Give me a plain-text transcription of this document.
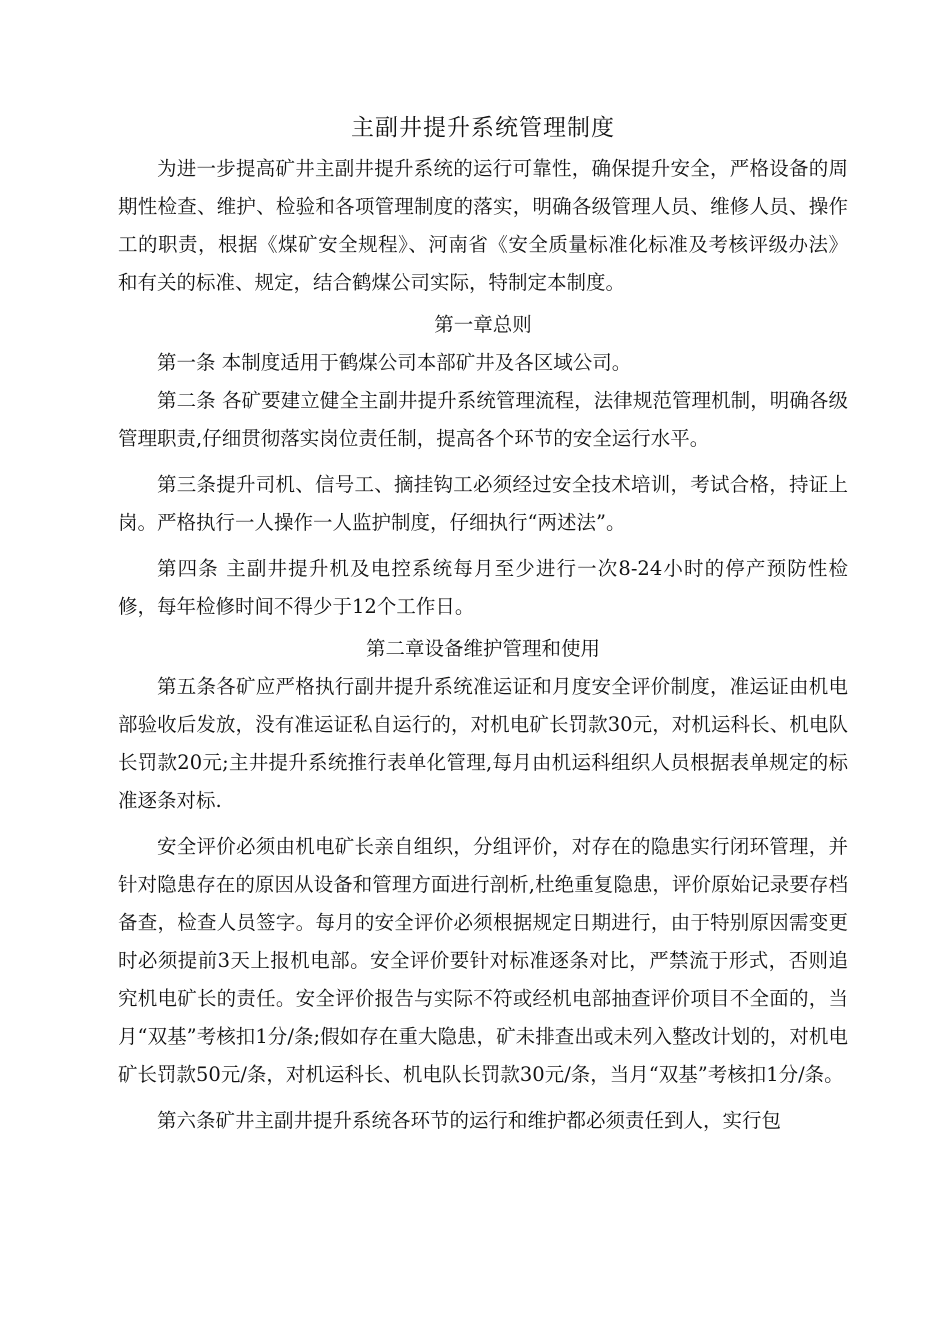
主副井提升系统管理制度

为进一步提高矿井主副井提升系统的运行可靠性，确保提升安全，严格设备的周期性检查、维护、检验和各项管理制度的落实，明确各级管理人员、维修人员、操作工的职责，根据《煤矿安全规程》、河南省《安全质量标准化标准及考核评级办法》和有关的标准、规定，结合鹤煤公司实际，特制定本制度。

第一章总则

第一条 本制度适用于鹤煤公司本部矿井及各区域公司。

第二条 各矿要建立健全主副井提升系统管理流程，法律规范管理机制，明确各级管理职责,仔细贯彻落实岗位责任制，提高各个环节的安全运行水平。

第三条提升司机、信号工、摘挂钩工必须经过安全技术培训，考试合格，持证上岗。严格执行一人操作一人监护制度，仔细执行“两述法”。

第四条 主副井提升机及电控系统每月至少进行一次8-24小时的停产预防性检修，每年检修时间不得少于12个工作日。

第二章设备维护管理和使用

第五条各矿应严格执行副井提升系统准运证和月度安全评价制度，准运证由机电部验收后发放，没有准运证私自运行的，对机电矿长罚款30元，对机运科长、机电队长罚款20元;主井提升系统推行表单化管理,每月由机运科组织人员根据表单规定的标准逐条对标.

安全评价必须由机电矿长亲自组织，分组评价，对存在的隐患实行闭环管理，并针对隐患存在的原因从设备和管理方面进行剖析,杜绝重复隐患，评价原始记录要存档备查，检查人员签字。每月的安全评价必须根据规定日期进行，由于特别原因需变更时必须提前3天上报机电部。安全评价要针对标准逐条对比，严禁流于形式，否则追究机电矿长的责任。安全评价报告与实际不符或经机电部抽查评价项目不全面的，当月“双基”考核扣1分/条;假如存在重大隐患，矿未排查出或未列入整改计划的，对机电矿长罚款50元/条，对机运科长、机电队长罚款30元/条，当月“双基”考核扣1分/条。

第六条矿井主副井提升系统各环节的运行和维护都必须责任到人，实行包
